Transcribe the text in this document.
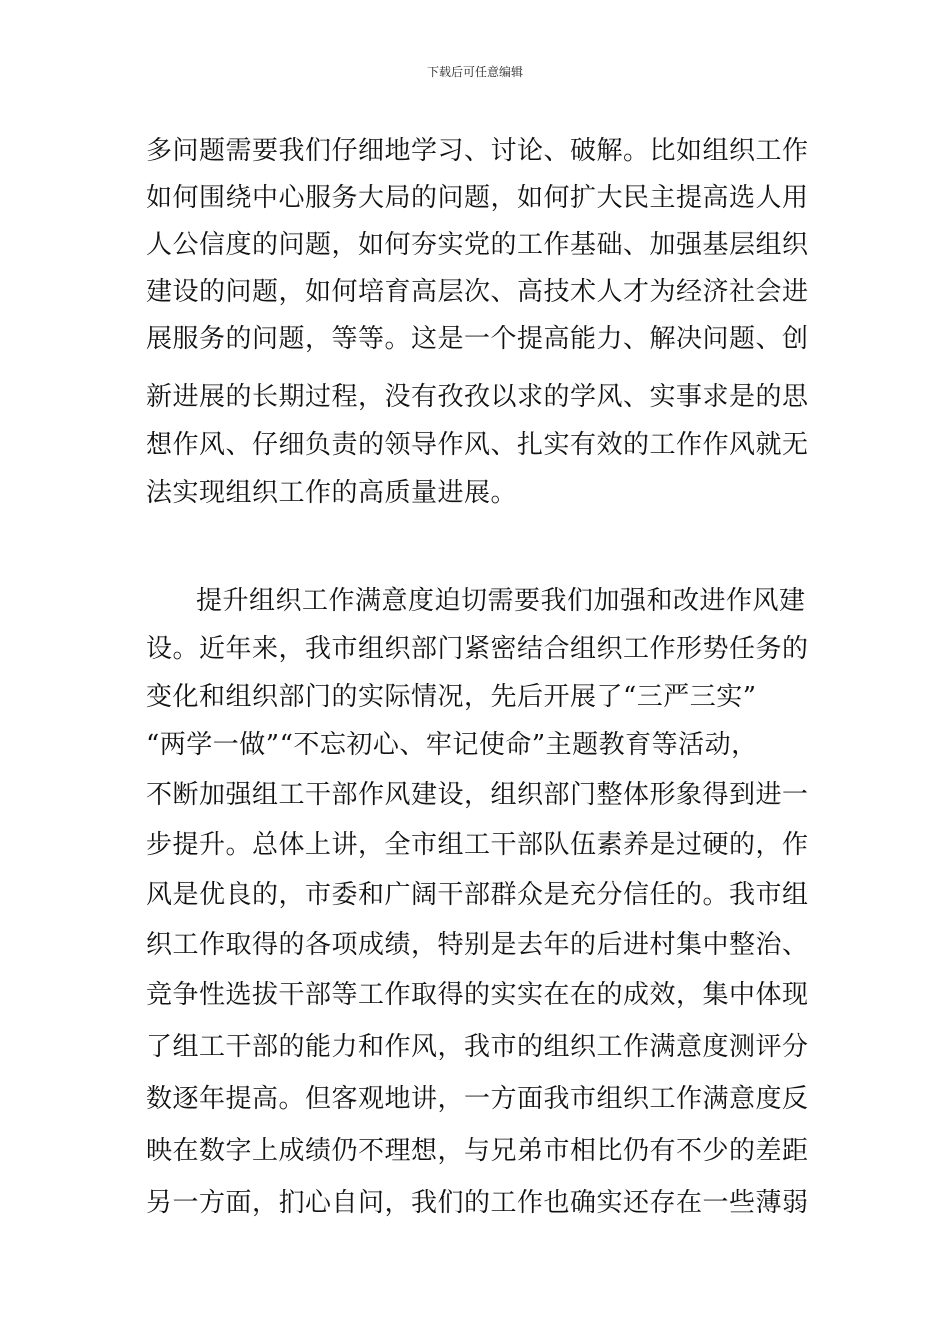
下载后可任意编辑
多问题需要我们仔细地学习、讨论、破解。比如组织工作
如何围绕中心服务大局的问题，如何扩大民主提高选人用
人公信度的问题，如何夯实党的工作基础、加强基层组织
建设的问题，如何培育高层次、高技术人才为经济社会进
展服务的问题，等等。这是一个提高能力、解决问题、创
新进展的长期过程，没有孜孜以求的学风、实事求是的思
想作风、仔细负责的领导作风、扎实有效的工作作风就无
法实现组织工作的高质量进展。
提升组织工作满意度迫切需要我们加强和改进作风建
设。近年来，我市组织部门紧密结合组织工作形势任务的
变化和组织部门的实际情况，先后开展了“三严三实”
“两学一做”“不忘初心、牢记使命”主题教育等活动，
不断加强组工干部作风建设，组织部门整体形象得到进一
步提升。总体上讲，全市组工干部队伍素养是过硬的，作
风是优良的，市委和广阔干部群众是充分信任的。我市组
织工作取得的各项成绩，特别是去年的后进村集中整治、
竞争性选拔干部等工作取得的实实在在的成效，集中体现
了组工干部的能力和作风，我市的组织工作满意度测评分
数逐年提高。但客观地讲，一方面我市组织工作满意度反
映在数字上成绩仍不理想，与兄弟市相比仍有不少的差距
另一方面，扪心自问，我们的工作也确实还存在一些薄弱
